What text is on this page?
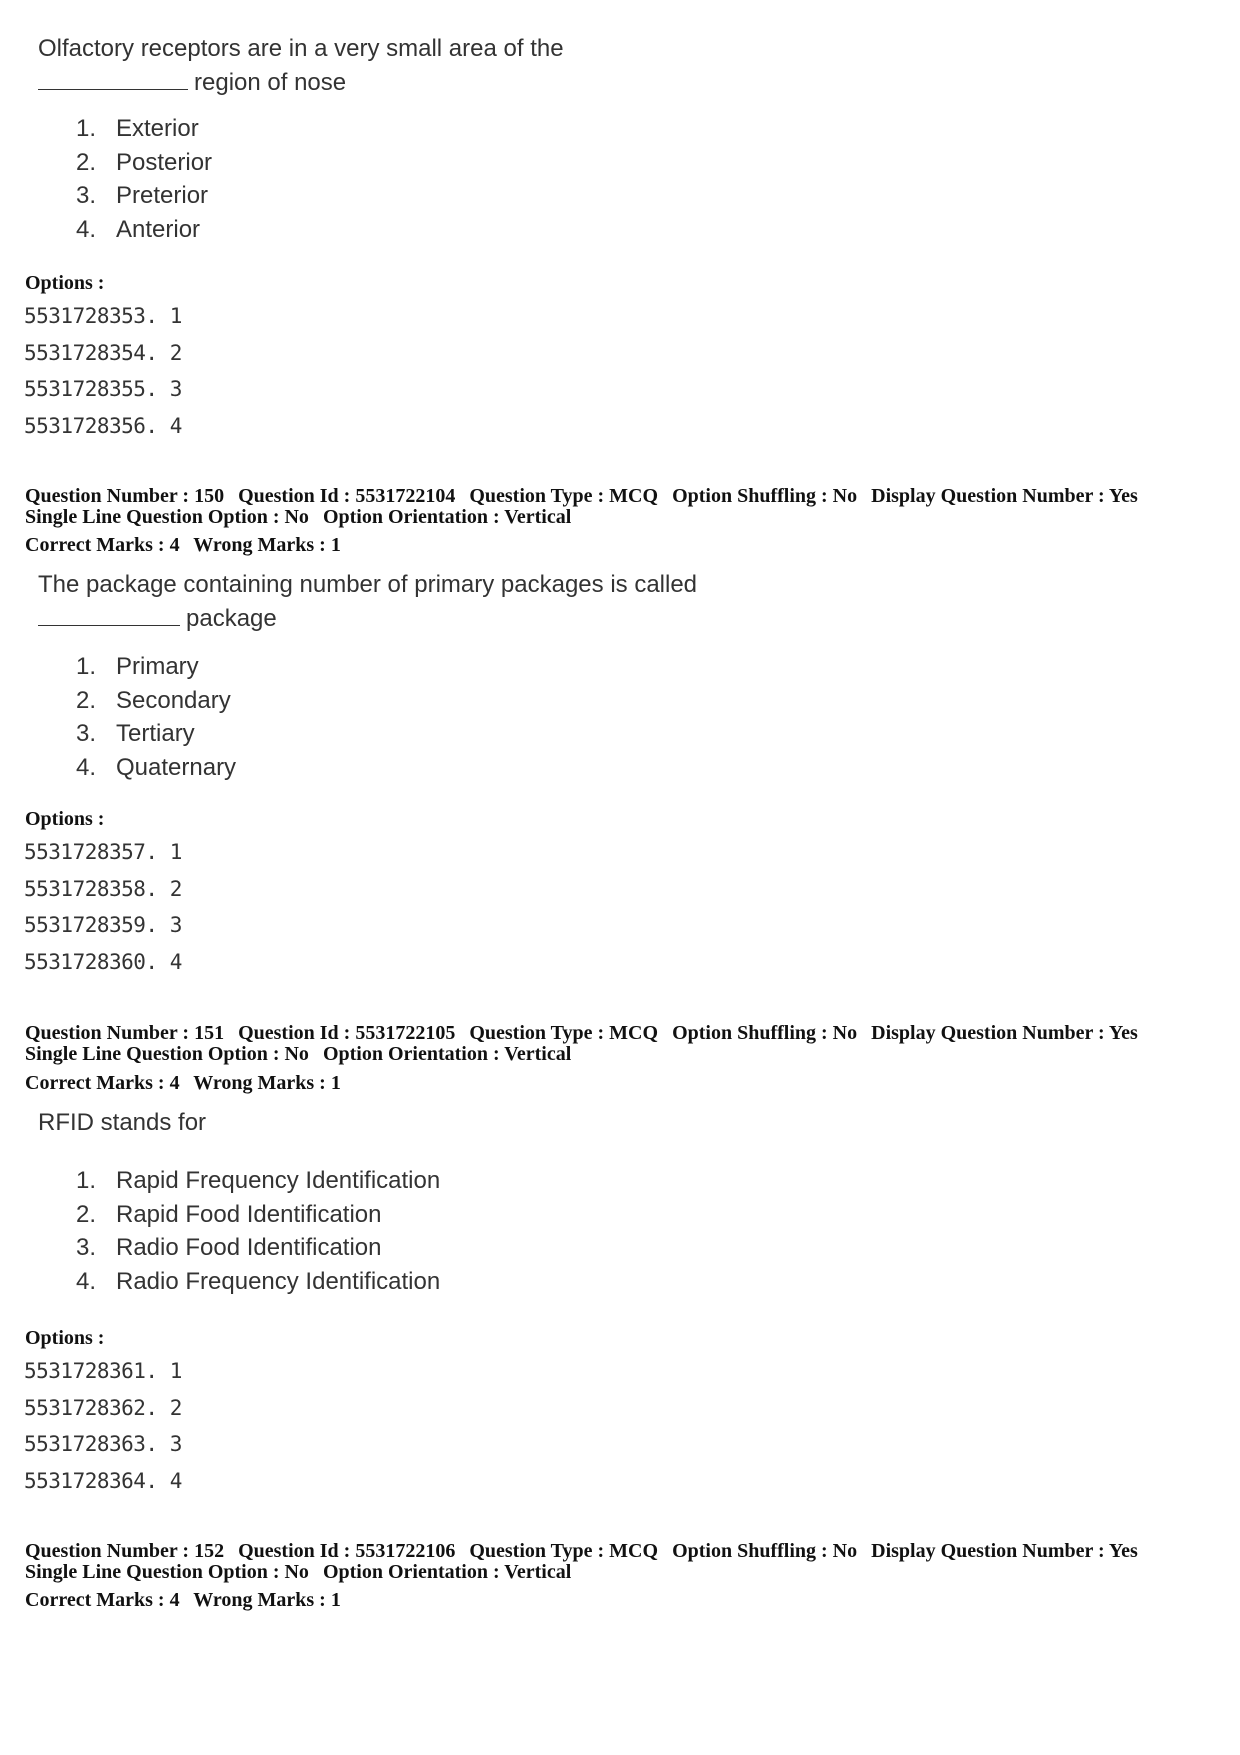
Olfactory receptors are in a very small area of the
region of nose
1. Exterior
2. Posterior
3. Preterior
4. Anterior
Options :
5531728353. 1
5531728354. 2
5531728355. 3
5531728356. 4
Question Number : 150 Question Id : 5531722104 Question Type : MCQ Option Shuffling : No Display Question Number : Yes
Single Line Question Option : No Option Orientation : Vertical
Correct Marks : 4 Wrong Marks : 1
The package containing number of primary packages is called
package
1. Primary
2. Secondary
3. Tertiary
4. Quaternary
Options :
5531728357. 1
5531728358. 2
5531728359. 3
5531728360. 4
Question Number : 151 Question Id : 5531722105 Question Type : MCQ Option Shuffling : No Display Question Number : Yes
Single Line Question Option : No Option Orientation : Vertical
Correct Marks : 4 Wrong Marks : 1
RFID stands for
1. Rapid Frequency Identification
2. Rapid Food Identification
3. Radio Food Identification
4. Radio Frequency Identification
Options :
5531728361. 1
5531728362. 2
5531728363. 3
5531728364. 4
Question Number : 152 Question Id : 5531722106 Question Type : MCQ Option Shuffling : No Display Question Number : Yes
Single Line Question Option : No Option Orientation : Vertical
Correct Marks : 4 Wrong Marks : 1
